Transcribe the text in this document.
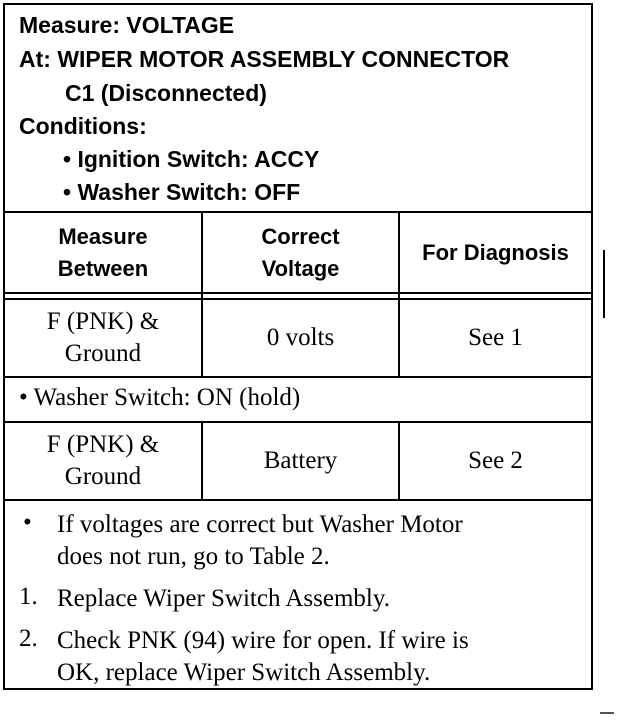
Measure: VOLTAGE
At: WIPER MOTOR ASSEMBLY CONNECTOR
C1 (Disconnected)
Conditions:
• Ignition Switch: ACCY
• Washer Switch: OFF
Measure
Between
Correct
Voltage
For Diagnosis
F (PNK) &
Ground
0 volts	See 1
• Washer Switch: ON (hold)
F (PNK) &
Ground
Battery	See 2
• If voltages are correct but Washer Motor
does not run, go to Table 2.
1. Replace Wiper Switch Assembly.
2. Check PNK (94) wire for open. If wire is
OK, replace Wiper Switch Assembly.
